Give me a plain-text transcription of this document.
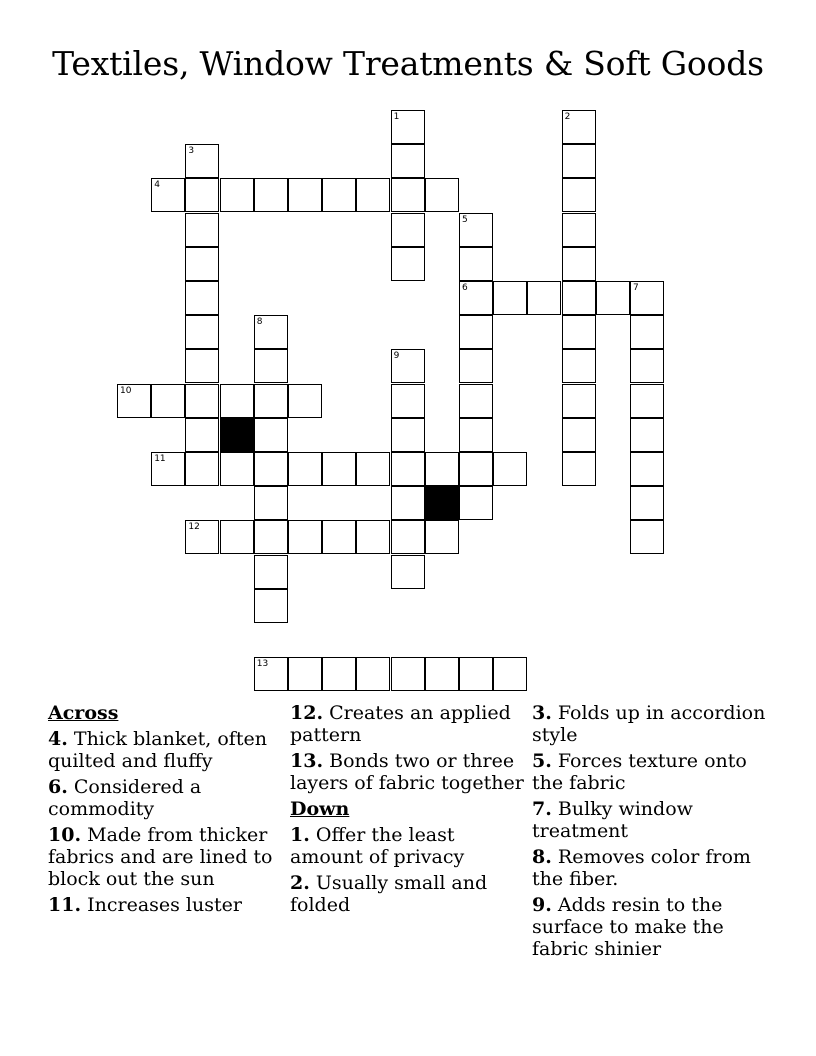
Textiles, Window Treatments & Soft Goods
1	2
3
4
5
6	7
8
9
10
11
12
13
Across
4. Thick blanket, often quilted and fluffy
6. Considered a commodity
10. Made from thicker fabrics and are lined to block out the sun
11. Increases luster
12. Creates an applied pattern
13. Bonds two or three layers of fabric together
Down
1. Offer the least amount of privacy
2. Usually small and folded
3. Folds up in accordion style
5. Forces texture onto the fabric
7. Bulky window treatment
8. Removes color from the fiber.
9. Adds resin to the surface to make the fabric shinier
